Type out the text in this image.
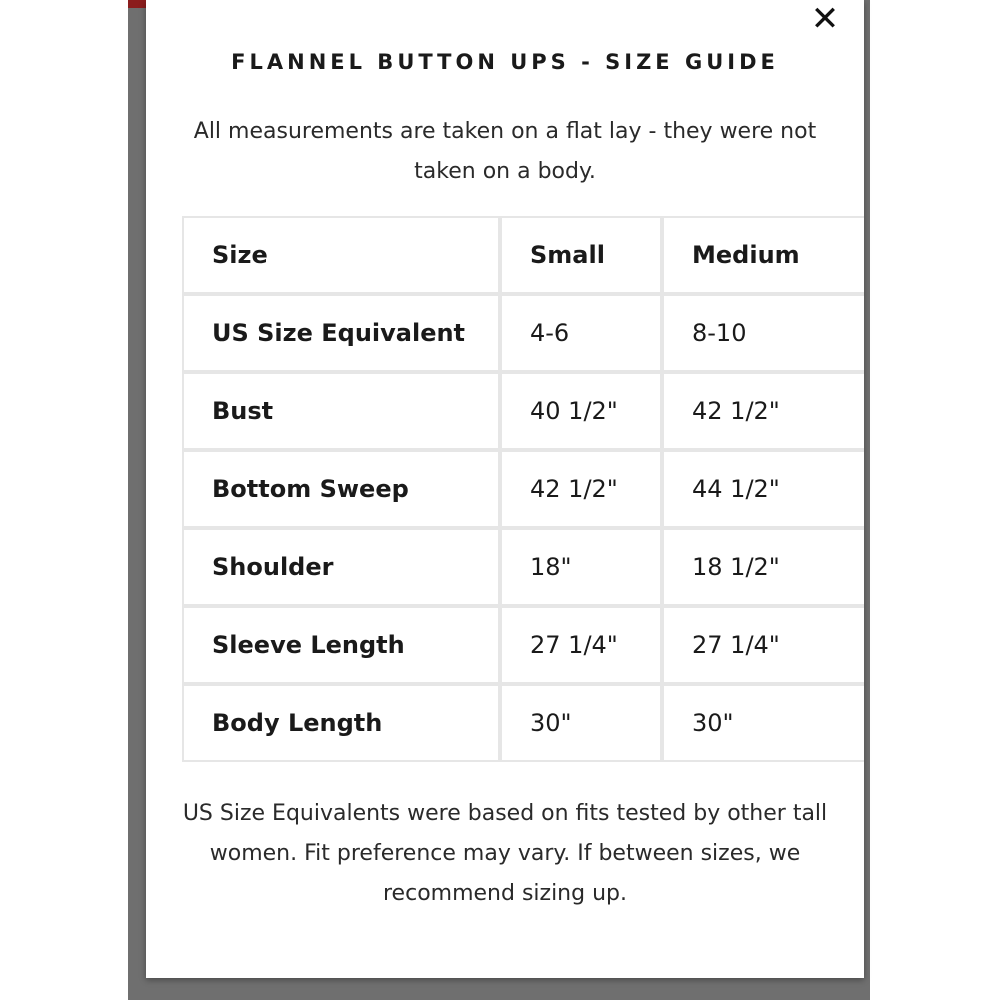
✕
FLANNEL BUTTON UPS - SIZE GUIDE
All measurements are taken on a flat lay - they were not taken on a body.
Size	Small	Medium
US Size Equivalent	4-6	8-10
Bust	40 1/2"	42 1/2"
Bottom Sweep	42 1/2"	44 1/2"
Shoulder	18"	18 1/2"
Sleeve Length	27 1/4"	27 1/4"
Body Length	30"	30"
US Size Equivalents were based on fits tested by other tall women. Fit preference may vary. If between sizes, we recommend sizing up.
